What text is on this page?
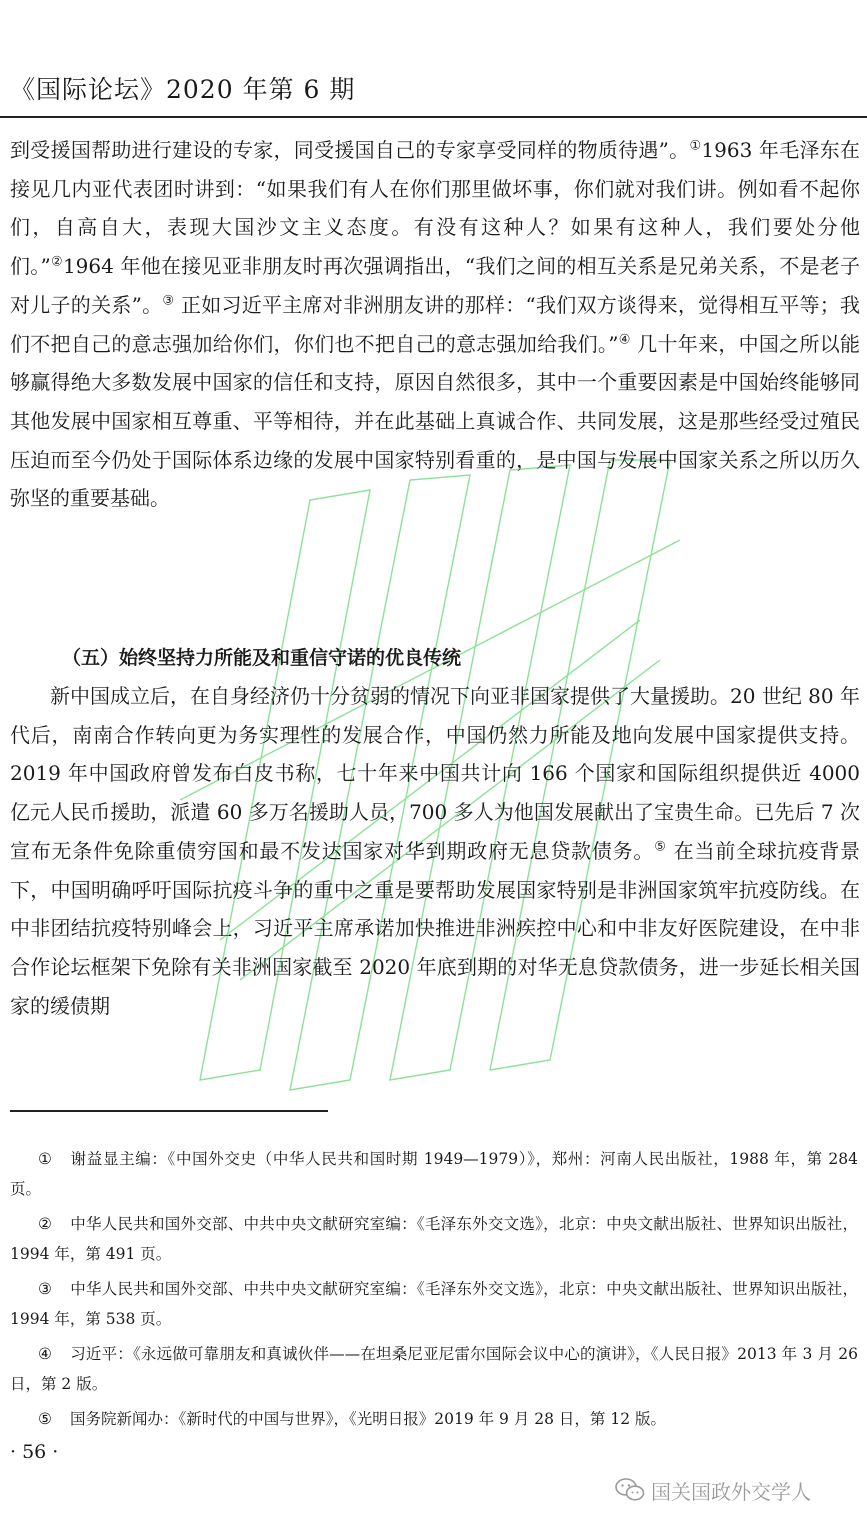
《国际论坛》2020 年第 6 期
到受援国帮助进行建设的专家，同受援国自己的专家享受同样的物质待遇”。①1963 年毛泽东在接见几内亚代表团时讲到：“如果我们有人在你们那里做坏事，你们就对我们讲。例如看不起你们，自高自大，表现大国沙文主义态度。有没有这种人？如果有这种人，我们要处分他们。”②1964 年他在接见亚非朋友时再次强调指出，“我们之间的相互关系是兄弟关系，不是老子对儿子的关系”。③ 正如习近平主席对非洲朋友讲的那样：“我们双方谈得来，觉得相互平等；我们不把自己的意志强加给你们，你们也不把自己的意志强加给我们。”④ 几十年来，中国之所以能够赢得绝大多数发展中国家的信任和支持，原因自然很多，其中一个重要因素是中国始终能够同其他发展中国家相互尊重、平等相待，并在此基础上真诚合作、共同发展，这是那些经受过殖民压迫而至今仍处于国际体系边缘的发展中国家特别看重的，是中国与发展中国家关系之所以历久弥坚的重要基础。
（五）始终坚持力所能及和重信守诺的优良传统
新中国成立后，在自身经济仍十分贫弱的情况下向亚非国家提供了大量援助。20 世纪 80 年代后，南南合作转向更为务实理性的发展合作，中国仍然力所能及地向发展中国家提供支持。2019 年中国政府曾发布白皮书称，七十年来中国共计向 166 个国家和国际组织提供近 4000 亿元人民币援助，派遣 60 多万名援助人员，700 多人为他国发展献出了宝贵生命。已先后 7 次宣布无条件免除重债穷国和最不发达国家对华到期政府无息贷款债务。⑤ 在当前全球抗疫背景下，中国明确呼吁国际抗疫斗争的重中之重是要帮助发展国家特别是非洲国家筑牢抗疫防线。在中非团结抗疫特别峰会上，习近平主席承诺加快推进非洲疾控中心和中非友好医院建设，在中非合作论坛框架下免除有关非洲国家截至 2020 年底到期的对华无息贷款债务，进一步延长相关国家的缓债期

① 谢益显主编：《中国外交史（中华人民共和国时期 1949—1979）》，郑州：河南人民出版社，1988 年，第 284 页。

② 中华人民共和国外交部、中共中央文献研究室编：《毛泽东外交文选》，北京：中央文献出版社、世界知识出版社，1994 年，第 491 页。

③ 中华人民共和国外交部、中共中央文献研究室编：《毛泽东外交文选》，北京：中央文献出版社、世界知识出版社，1994 年，第 538 页。

④ 习近平：《永远做可靠朋友和真诚伙伴——在坦桑尼亚尼雷尔国际会议中心的演讲》，《人民日报》2013 年 3 月 26 日，第 2 版。

⑤ 国务院新闻办：《新时代的中国与世界》，《光明日报》2019 年 9 月 28 日，第 12 版。

· 56 ·
国关国政外交学人
